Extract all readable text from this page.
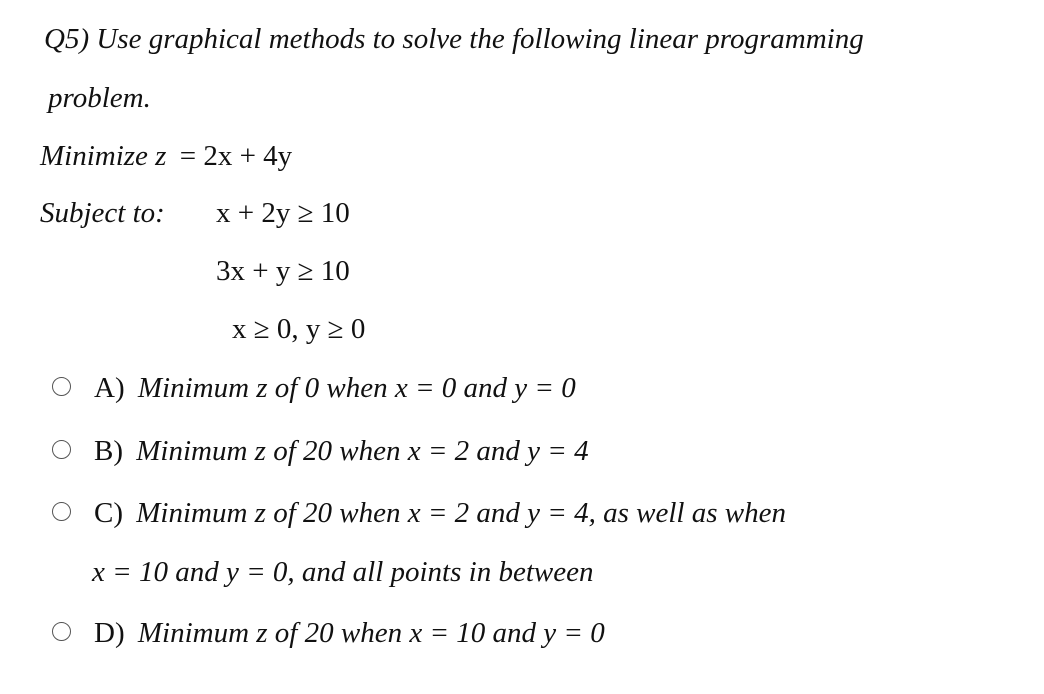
Q5) Use graphical methods to solve the following linear programming
problem.
Minimize z = 2x + 4y
Subject to: x + 2y ≥ 10
3x + y ≥ 10
x ≥ 0, y ≥ 0
A) Minimum z of 0 when x = 0 and y = 0
B) Minimum z of 20 when x = 2 and y = 4
C) Minimum z of 20 when x = 2 and y = 4, as well as when
x = 10 and y = 0, and all points in between
D) Minimum z of 20 when x = 10 and y = 0
